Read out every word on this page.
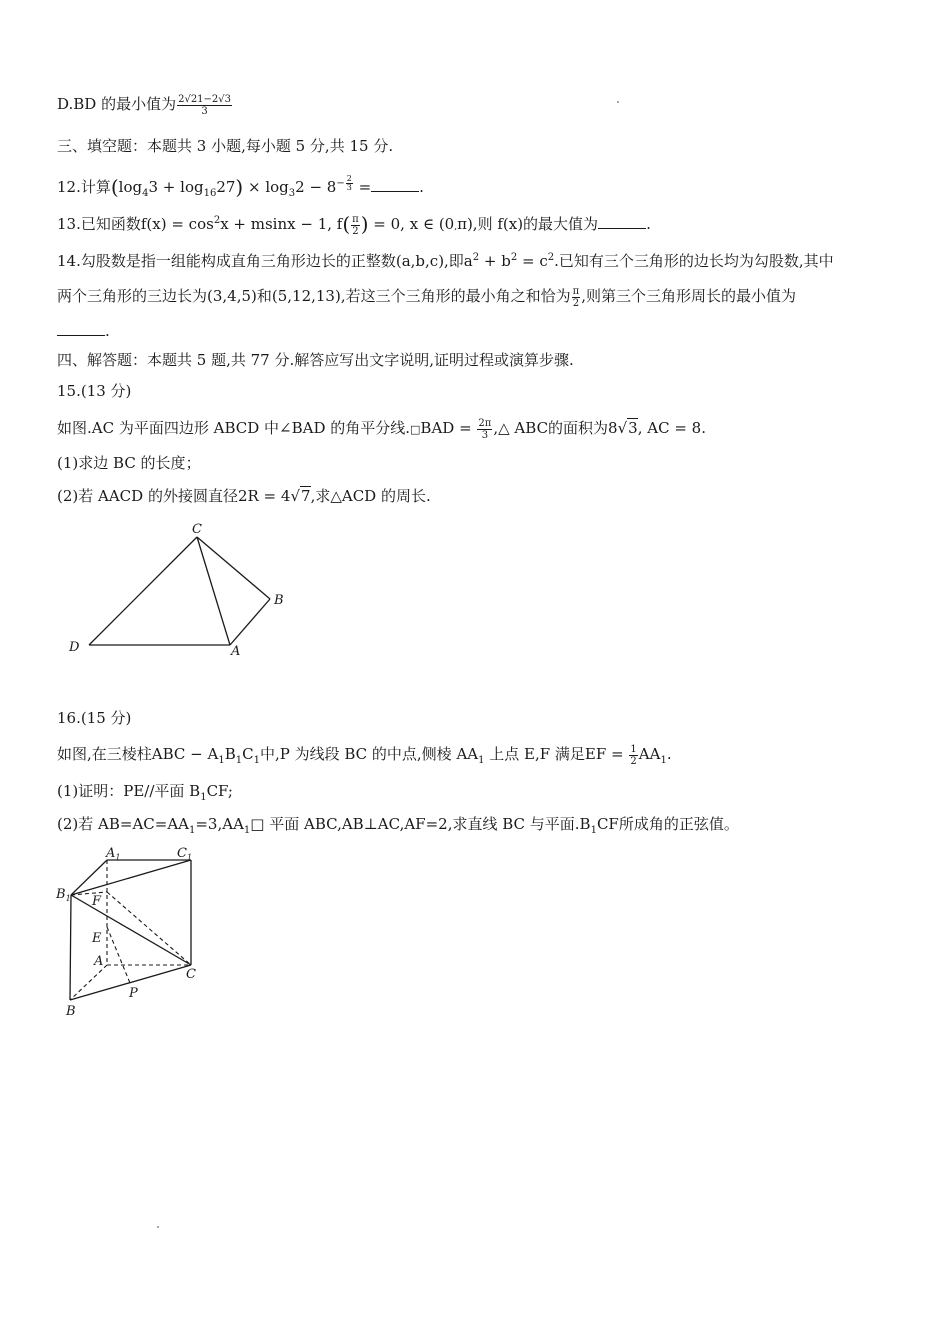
D.BD 的最小值为 $\frac{2√21-2√3}{3}$
三、填空题：本题共 3 小题,每小题 5 分,共 15 分.
12.计算$(\log_43 + \log_{16}27) \times \log_32 - 8^{- \frac{2}{3}}$ =	.
13.已知函数$f(x) = \cos^2x + msinx - 1$, $f( \frac{\pi}{2}$ ) = 0, x ∈ (0,π),则 f(x)的最大值为	.
14.勾股数是指一组能构成直角三角形边长的正整数(a,b,c),即$a^2 + b^2 = c^2$.已知有三个三角形的边长均为勾股数,其中
两个三角形的三边长为(3,4,5)和(5,12,13),若这三个三角形的最小角之和恰为 $\frac{\pi}{2}$ ,则第三个三角形周长的最小值为
.
四、解答题：本题共 5 题,共 77 分.解答应写出文字说明,证明过程或演算步骤.
15.(13 分)
如图.AC 为平面四边形 ABCD 中∠BAD 的角平分线.□BAD = $\frac{2\pi}{3}$ ,△ ABC的面积为8√3, AC = 8.
(1)求边 BC 的长度；
(2)若 AACD 的外接圆直径2R = 4√7,求△ACD 的周长.
C
B
D	A
16.(15 分)
如图,在三棱柱ABC − $A_1B_1C_1$中,P 为线段 BC 的中点,侧棱 $AA_1$ 上点 E,F 满足EF = $\frac{1}{2} AA_1$.
(1)证明：PE//平面 $B_1CF$;
(2)若 $AB=AC=AA_1=3,AA_1□$ 平面 ABC,AB⊥AC,AF=2,求直线 BC 与平面$.B_1CF$所成角的正弦值。
$A_1$	$C_1$
$B_1$ F
E
A
C
P
B
